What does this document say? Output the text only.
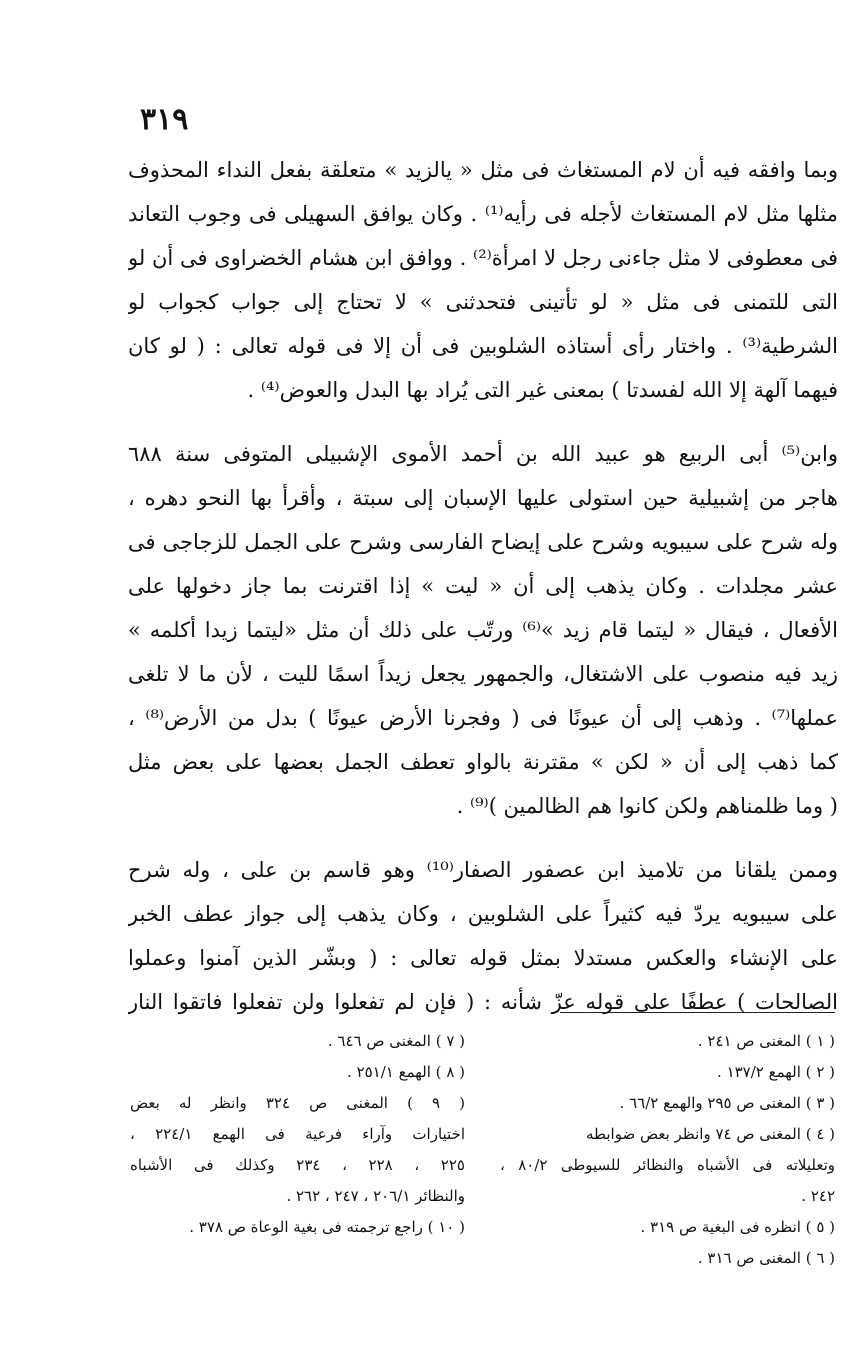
٣١٩
وبما وافقه فيه أن لام المستغاث فى مثل « يالزيد » متعلقة بفعل النداء المحذوف
مثلها مثل لام المستغاث لأجله فى رأيه⁽¹⁾ . وكان يوافق السهيلى فى وجوب التعاند
فى معطوفى لا مثل جاءنى رجل لا امرأة⁽²⁾ . ووافق ابن هشام الخضراوى فى أن لو
التى للتمنى فى مثل « لو تأتينى فتحدثنى » لا تحتاج إلى جواب كجواب لو
الشرطية⁽³⁾ . واختار رأى أستاذه الشلوبين فى أن إلا فى قوله تعالى : ( لو كان
فيهما آلهة إلا الله لفسدتا ) بمعنى غير التى يُراد بها البدل والعوض⁽⁴⁾ .
وابن⁽⁵⁾ أبى الربيع هو عبيد الله بن أحمد الأموى الإشبيلى المتوفى سنة ٦٨٨
هاجر من إشبيلية حين استولى عليها الإسبان إلى سبتة ، وأقرأ بها النحو دهره ،
وله شرح على سيبويه وشرح على إيضاح الفارسى وشرح على الجمل للزجاجى فى
عشر مجلدات . وكان يذهب إلى أن « ليت » إذا اقترنت بما جاز دخولها على
الأفعال ، فيقال « ليتما قام زيد »⁽⁶⁾ ورتّب على ذلك أن مثل «ليتما زيدا أكلمه »
زيد فيه منصوب على الاشتغال، والجمهور يجعل زيداً اسمًا لليت ، لأن ما لا تلغى
عملها⁽⁷⁾ . وذهب إلى أن عيونًا فى ( وفجرنا الأرض عيونًا ) بدل من الأرض⁽⁸⁾ ،
كما ذهب إلى أن « لكن » مقترنة بالواو تعطف الجمل بعضها على بعض مثل
( وما ظلمناهم ولكن كانوا هم الظالمين )⁽⁹⁾ .
وممن يلقانا من تلاميذ ابن عصفور الصفار⁽¹⁰⁾ وهو قاسم بن على ، وله شرح
على سيبويه يردّ فيه كثيراً على الشلوبين ، وكان يذهب إلى جواز عطف الخبر
على الإنشاء والعكس مستدلا بمثل قوله تعالى : ( وبشّر الذين آمنوا وعملوا
الصالحات ) عطفًا على قوله عزّ شأنه : ( فإن لم تفعلوا ولن تفعلوا فاتقوا النار
( ١ ) المغنى ص ٢٤١ .
( ٢ ) الهمع ١٣٧/٢ .
( ٣ ) المغنى ص ٢٩٥ والهمع ٦٦/٢ .
( ٤ ) المغنى ص ٧٤ وانظر بعض ضوابطه
وتعليلاته فى الأشباه والنظائر للسيوطى ٨٠/٢ ،
٢٤٢ .
( ٥ ) انظره فى البغية ص ٣١٩ .
( ٦ ) المغنى ص ٣١٦ .
( ٧ ) المغنى ص ٦٤٦ .
( ٨ ) الهمع ٢٥١/١ .
( ٩ ) المغنى ص ٣٢٤ وانظر له بعض
اختيارات وآراء فرعية فى الهمع ٢٢٤/١ ،
٢٢٥ ، ٢٢٨ ، ٢٣٤ وكذلك فى الأشباه
والنظائر ٢٠٦/١ ، ٢٤٧ ، ٢٦٢ .
( ١٠ ) راجع ترجمته فى بغية الوعاة ص ٣٧٨ .
